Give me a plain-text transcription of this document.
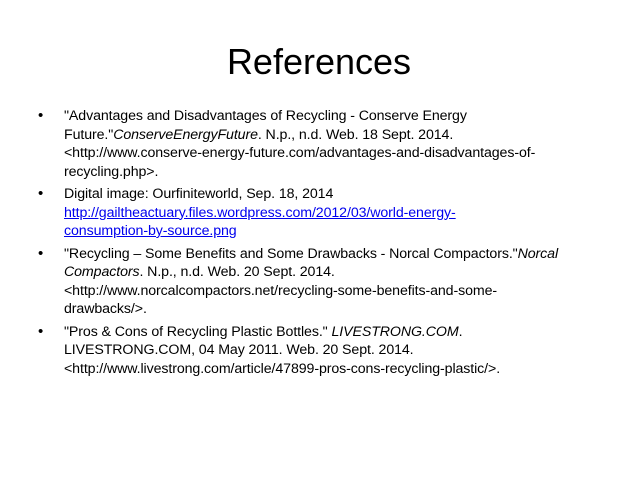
References
• "Advantages and Disadvantages of Recycling - Conserve Energy
Future."ConserveEnergyFuture. N.p., n.d. Web. 18 Sept. 2014.
<http://www.conserve-energy-future.com/advantages-and-disadvantages-of-
recycling.php>.
• Digital image: Ourfiniteworld, Sep. 18, 2014
http://gailtheactuary.files.wordpress.com/2012/03/world-energy-
consumption-by-source.png
• "Recycling – Some Benefits and Some Drawbacks - Norcal Compactors."Norcal
Compactors. N.p., n.d. Web. 20 Sept. 2014.
<http://www.norcalcompactors.net/recycling-some-benefits-and-some-
drawbacks/>.
• "Pros & Cons of Recycling Plastic Bottles." LIVESTRONG.COM.
LIVESTRONG.COM, 04 May 2011. Web. 20 Sept. 2014.
<http://www.livestrong.com/article/47899-pros-cons-recycling-plastic/>.
